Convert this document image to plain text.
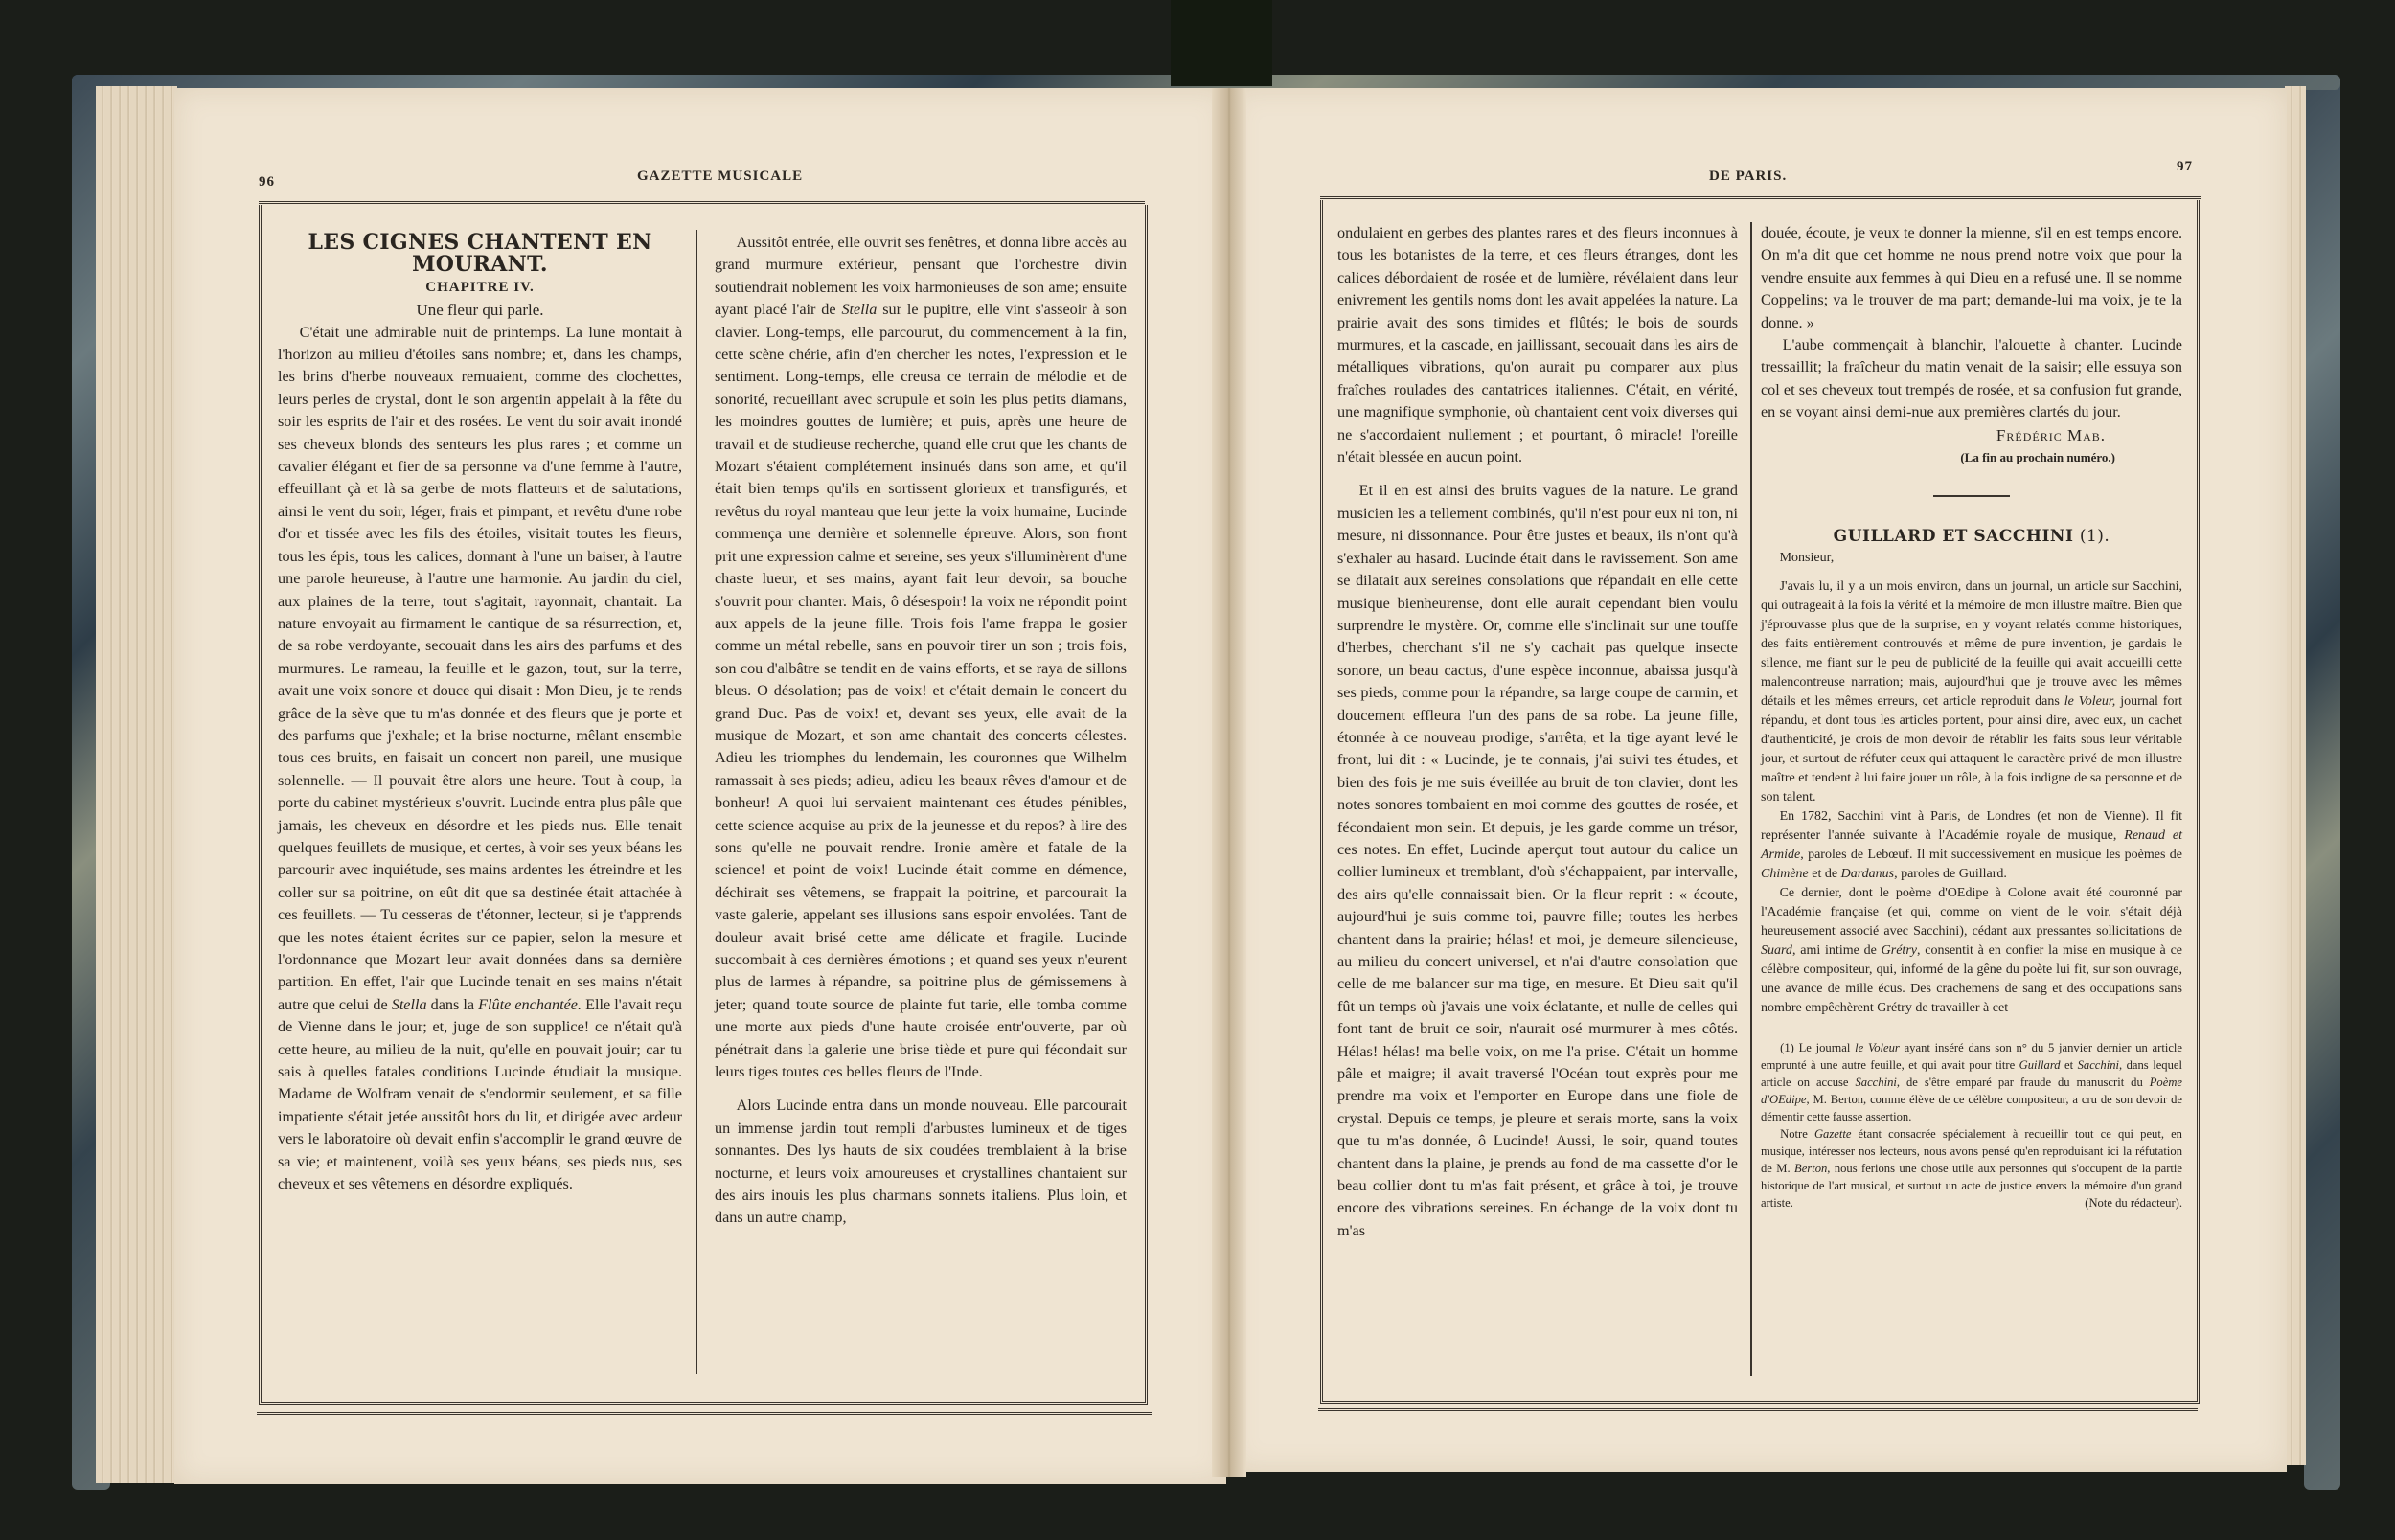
96	GAZETTE MUSICALE

LES CIGNES CHANTENT EN MOURANT.

CHAPITRE IV.

Une fleur qui parle.

C'était une admirable nuit de printemps. La lune montait à l'horizon au milieu d'étoiles sans nombre; et, dans les champs, les brins d'herbe nouveaux remuaient, comme des clochettes, leurs perles de crystal, dont le son argentin appelait à la fête du soir les esprits de l'air et des rosées. Le vent du soir avait inondé ses cheveux blonds des senteurs les plus rares ; et comme un cavalier élégant et fier de sa personne va d'une femme à l'autre, effeuillant çà et là sa gerbe de mots flatteurs et de salutations, ainsi le vent du soir, léger, frais et pimpant, et revêtu d'une robe d'or et tissée avec les fils des étoiles, visitait toutes les fleurs, tous les épis, tous les calices, donnant à l'une un baiser, à l'autre une parole heureuse, à l'autre une harmonie. Au jardin du ciel, aux plaines de la terre, tout s'agitait, rayonnait, chantait. La nature envoyait au firmament le cantique de sa résurrection, et, de sa robe verdoyante, secouait dans les airs des parfums et des murmures. Le rameau, la feuille et le gazon, tout, sur la terre, avait une voix sonore et douce qui disait : Mon Dieu, je te rends grâce de la sève que tu m'as donnée et des fleurs que je porte et des parfums que j'exhale; et la brise nocturne, mêlant ensemble tous ces bruits, en faisait un concert non pareil, une musique solennelle. — Il pouvait être alors une heure. Tout à coup, la porte du cabinet mystérieux s'ouvrit. Lucinde entra plus pâle que jamais, les cheveux en désordre et les pieds nus. Elle tenait quelques feuillets de musique, et certes, à voir ses yeux béans les parcourir avec inquiétude, ses mains ardentes les étreindre et les coller sur sa poitrine, on eût dit que sa destinée était attachée à ces feuillets. — Tu cesseras de t'étonner, lecteur, si je t'apprends que les notes étaient écrites sur ce papier, selon la mesure et l'ordonnance que Mozart leur avait données dans sa dernière partition. En effet, l'air que Lucinde tenait en ses mains n'était autre que celui de Stella dans la Flûte enchantée. Elle l'avait reçu de Vienne dans le jour; et, juge de son supplice! ce n'était qu'à cette heure, au milieu de la nuit, qu'elle en pouvait jouir; car tu sais à quelles fatales conditions Lucinde étudiait la musique. Madame de Wolfram venait de s'endormir seulement, et sa fille impatiente s'était jetée aussitôt hors du lit, et dirigée avec ardeur vers le laboratoire où devait enfin s'accomplir le grand œuvre de sa vie; et maintenent, voilà ses yeux béans, ses pieds nus, ses cheveux et ses vêtemens en désordre expliqués.

Aussitôt entrée, elle ouvrit ses fenêtres, et donna libre accès au grand murmure extérieur, pensant que l'orchestre divin soutiendrait noblement les voix harmonieuses de son ame; ensuite ayant placé l'air de Stella sur le pupitre, elle vint s'asseoir à son clavier. Long-temps, elle parcourut, du commencement à la fin, cette scène chérie, afin d'en chercher les notes, l'expression et le sentiment. Long-temps, elle creusa ce terrain de mélodie et de sonorité, recueillant avec scrupule et soin les plus petits diamans, les moindres gouttes de lumière; et puis, après une heure de travail et de studieuse recherche, quand elle crut que les chants de Mozart s'étaient complétement insinués dans son ame, et qu'il était bien temps qu'ils en sortissent glorieux et transfigurés, et revêtus du royal manteau que leur jette la voix humaine, Lucinde commença une dernière et solennelle épreuve. Alors, son front prit une expression calme et sereine, ses yeux s'illuminèrent d'une chaste lueur, et ses mains, ayant fait leur devoir, sa bouche s'ouvrit pour chanter. Mais, ô désespoir! la voix ne répondit point aux appels de la jeune fille. Trois fois l'ame frappa le gosier comme un métal rebelle, sans en pouvoir tirer un son ; trois fois, son cou d'albâtre se tendit en de vains efforts, et se raya de sillons bleus. O désolation; pas de voix! et c'était demain le concert du grand Duc. Pas de voix! et, devant ses yeux, elle avait de la musique de Mozart, et son ame chantait des concerts célestes. Adieu les triomphes du lendemain, les couronnes que Wilhelm ramassait à ses pieds; adieu, adieu les beaux rêves d'amour et de bonheur! A quoi lui servaient maintenant ces études pénibles, cette science acquise au prix de la jeunesse et du repos? à lire des sons qu'elle ne pouvait rendre. Ironie amère et fatale de la science! et point de voix! Lucinde était comme en démence, déchirait ses vêtemens, se frappait la poitrine, et parcourait la vaste galerie, appelant ses illusions sans espoir envolées. Tant de douleur avait brisé cette ame délicate et fragile. Lucinde succombait à ces dernières émotions ; et quand ses yeux n'eurent plus de larmes à répandre, sa poitrine plus de gémissemens à jeter; quand toute source de plainte fut tarie, elle tomba comme une morte aux pieds d'une haute croisée entr'ouverte, par où pénétrait dans la galerie une brise tiède et pure qui fécondait sur leurs tiges toutes ces belles fleurs de l'Inde.

Alors Lucinde entra dans un monde nouveau. Elle parcourait un immense jardin tout rempli d'arbustes lumineux et de tiges sonnantes. Des lys hauts de six coudées tremblaient à la brise nocturne, et leurs voix amoureuses et crystallines chantaient sur des airs inouis les plus charmans sonnets italiens. Plus loin, et dans un autre champ,

DE PARIS.
97

ondulaient en gerbes des plantes rares et des fleurs inconnues à tous les botanistes de la terre, et ces fleurs étranges, dont les calices débordaient de rosée et de lumière, révélaient dans leur enivrement les gentils noms dont les avait appelées la nature. La prairie avait des sons timides et flûtés; le bois de sourds murmures, et la cascade, en jaillissant, secouait dans les airs de métalliques vibrations, qu'on aurait pu comparer aux plus fraîches roulades des cantatrices italiennes. C'était, en vérité, une magnifique symphonie, où chantaient cent voix diverses qui ne s'accordaient nullement ; et pourtant, ô miracle! l'oreille n'était blessée en aucun point.

Et il en est ainsi des bruits vagues de la nature. Le grand musicien les a tellement combinés, qu'il n'est pour eux ni ton, ni mesure, ni dissonnance. Pour être justes et beaux, ils n'ont qu'à s'exhaler au hasard. Lucinde était dans le ravissement. Son ame se dilatait aux sereines consolations que répandait en elle cette musique bienheurense, dont elle aurait cependant bien voulu surprendre le mystère. Or, comme elle s'inclinait sur une touffe d'herbes, cherchant s'il ne s'y cachait pas quelque insecte sonore, un beau cactus, d'une espèce inconnue, abaissa jusqu'à ses pieds, comme pour la répandre, sa large coupe de carmin, et doucement effleura l'un des pans de sa robe. La jeune fille, étonnée à ce nouveau prodige, s'arrêta, et la tige ayant levé le front, lui dit : « Lucinde, je te connais, j'ai suivi tes études, et bien des fois je me suis éveillée au bruit de ton clavier, dont les notes sonores tombaient en moi comme des gouttes de rosée, et fécondaient mon sein. Et depuis, je les garde comme un trésor, ces notes. En effet, Lucinde aperçut tout autour du calice un collier lumineux et tremblant, d'où s'échappaient, par intervalle, des airs qu'elle connaissait bien. Or la fleur reprit : « écoute, aujourd'hui je suis comme toi, pauvre fille; toutes les herbes chantent dans la prairie; hélas! et moi, je demeure silencieuse, au milieu du concert universel, et n'ai d'autre consolation que celle de me balancer sur ma tige, en mesure. Et Dieu sait qu'il fût un temps où j'avais une voix éclatante, et nulle de celles qui font tant de bruit ce soir, n'aurait osé murmurer à mes côtés. Hélas! hélas! ma belle voix, on me l'a prise. C'était un homme pâle et maigre; il avait traversé l'Océan tout exprès pour me prendre ma voix et l'emporter en Europe dans une fiole de crystal. Depuis ce temps, je pleure et serais morte, sans la voix que tu m'as donnée, ô Lucinde! Aussi, le soir, quand toutes chantent dans la plaine, je prends au fond de ma cassette d'or le beau collier dont tu m'as fait présent, et grâce à toi, je trouve encore des vibrations sereines. En échange de la voix dont tu m'as

douée, écoute, je veux te donner la mienne, s'il en est temps encore. On m'a dit que cet homme ne nous prend notre voix que pour la vendre ensuite aux femmes à qui Dieu en a refusé une. Il se nomme Coppelins; va le trouver de ma part; demande-lui ma voix, je te la donne. »

L'aube commençait à blanchir, l'alouette à chanter. Lucinde tressaillit; la fraîcheur du matin venait de la saisir; elle essuya son col et ses cheveux tout trempés de rosée, et sa confusion fut grande, en se voyant ainsi demi-nue aux premières clartés du jour.

Frédéric Mab.

(La fin au prochain numéro.)

GUILLARD ET SACCHINI (1).

Monsieur,

J'avais lu, il y a un mois environ, dans un journal, un article sur Sacchini, qui outrageait à la fois la vérité et la mémoire de mon illustre maître. Bien que j'éprouvasse plus que de la surprise, en y voyant relatés comme historiques, des faits entièrement controuvés et même de pure invention, je gardais le silence, me fiant sur le peu de publicité de la feuille qui avait accueilli cette malencontreuse narration; mais, aujourd'hui que je trouve avec les mêmes détails et les mêmes erreurs, cet article reproduit dans le Voleur, journal fort répandu, et dont tous les articles portent, pour ainsi dire, avec eux, un cachet d'authenticité, je crois de mon devoir de rétablir les faits sous leur véritable jour, et surtout de réfuter ceux qui attaquent le caractère privé de mon illustre maître et tendent à lui faire jouer un rôle, à la fois indigne de sa personne et de son talent.

En 1782, Sacchini vint à Paris, de Londres (et non de Vienne). Il fit représenter l'année suivante à l'Académie royale de musique, Renaud et Armide, paroles de Lebœuf. Il mit successivement en musique les poèmes de Chimène et de Dardanus, paroles de Guillard.

Ce dernier, dont le poème d'OEdipe à Colone avait été couronné par l'Académie française (et qui, comme on vient de le voir, s'était déjà heureusement associé avec Sacchini), cédant aux pressantes sollicitations de Suard, ami intime de Grétry, consentit à en confier la mise en musique à ce célèbre compositeur, qui, informé de la gêne du poète lui fit, sur son ouvrage, une avance de mille écus. Des crachemens de sang et des occupations sans nombre empêchèrent Grétry de travailler à cet

(1) Le journal le Voleur ayant inséré dans son n° du 5 janvier dernier un article emprunté à une autre feuille, et qui avait pour titre Guillard et Sacchini, dans lequel article on accuse Sacchini, de s'être emparé par fraude du manuscrit du Poème d'OEdipe, M. Berton, comme élève de ce célèbre compositeur, a cru de son devoir de démentir cette fausse assertion.

Notre Gazette étant consacrée spécialement à recueillir tout ce qui peut, en musique, intéresser nos lecteurs, nous avons pensé qu'en reproduisant ici la réfutation de M. Berton, nous ferions une chose utile aux personnes qui s'occupent de la partie historique de l'art musical, et surtout un acte de justice envers la mémoire d'un grand artiste.	(Note du rédacteur).
